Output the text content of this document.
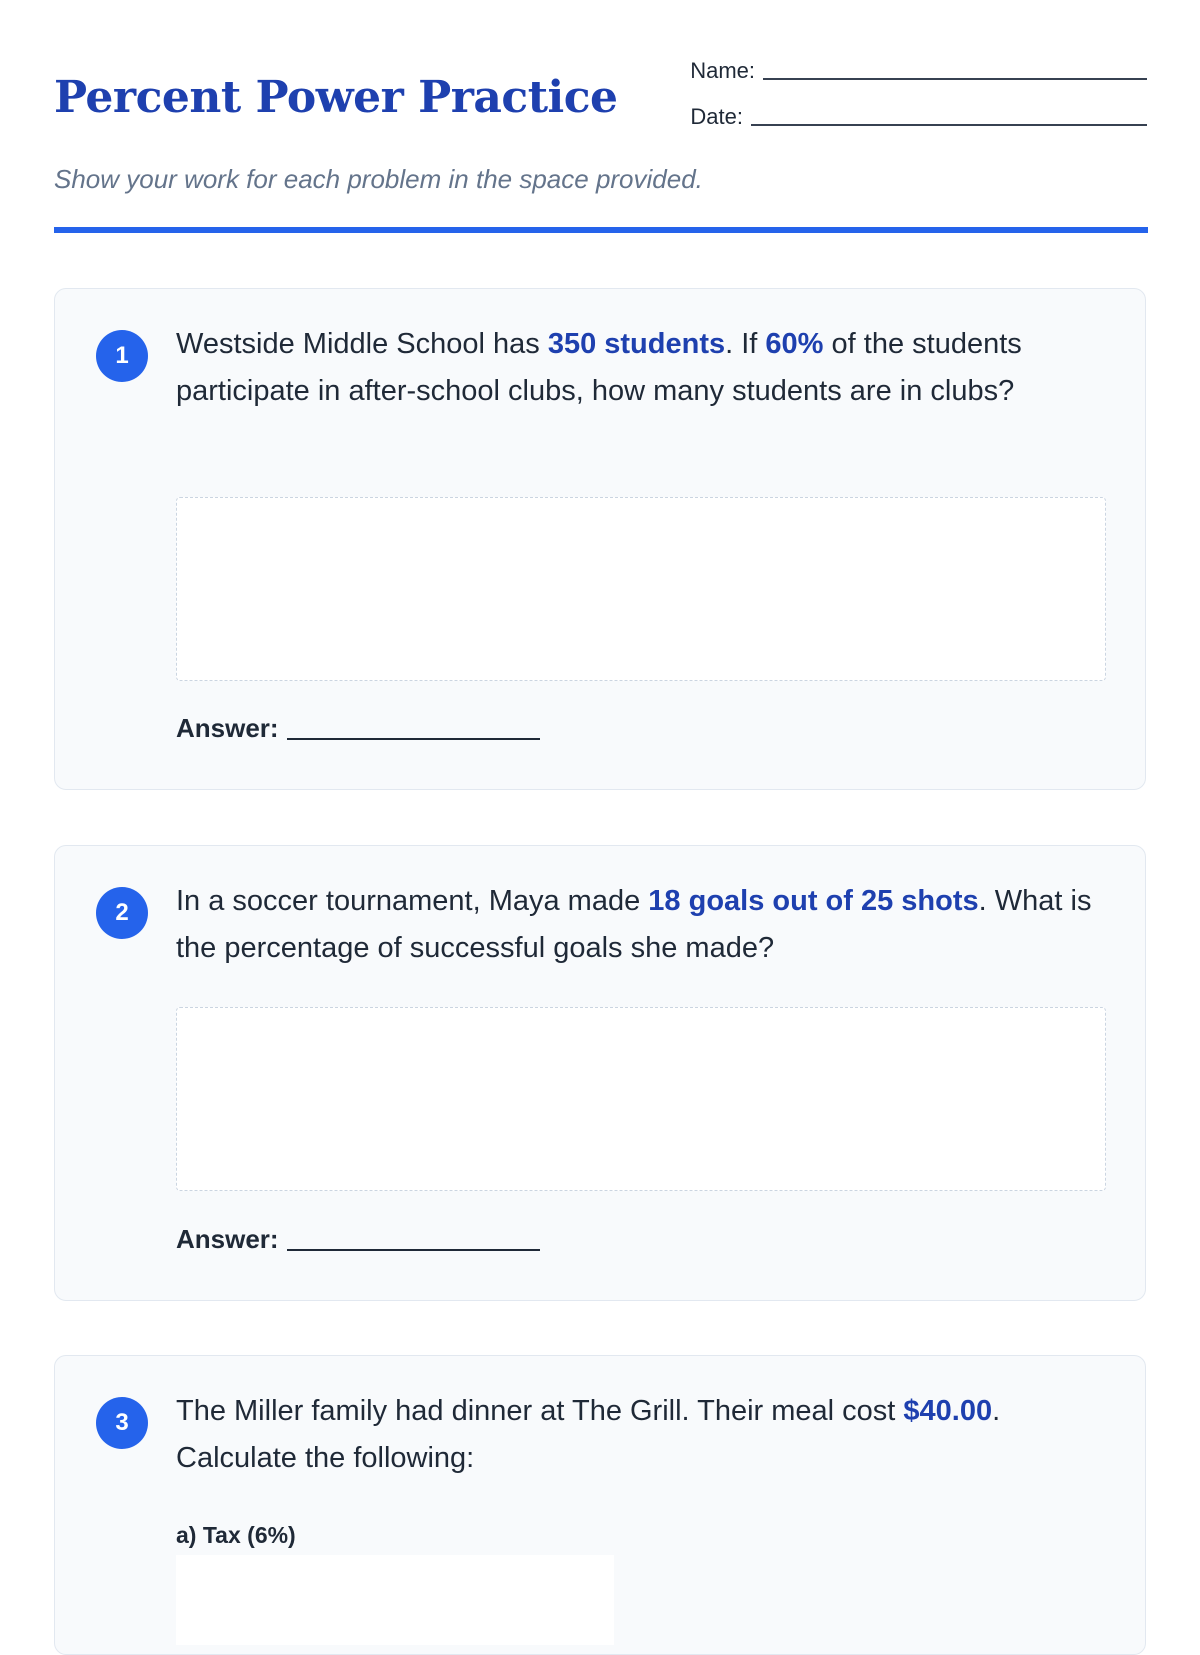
Percent Power Practice
Name:
Date:

Show your work for each problem in the space provided.

1	Westside Middle School has 350 students. If 60% of the students participate in after-school clubs, how many students are in clubs?
Answer:
2	In a soccer tournament, Maya made 18 goals out of 25 shots. What is the percentage of successful goals she made?
Answer:
3	The Miller family had dinner at The Grill. Their meal cost $40.00. Calculate the following:
a) Tax (6%)
